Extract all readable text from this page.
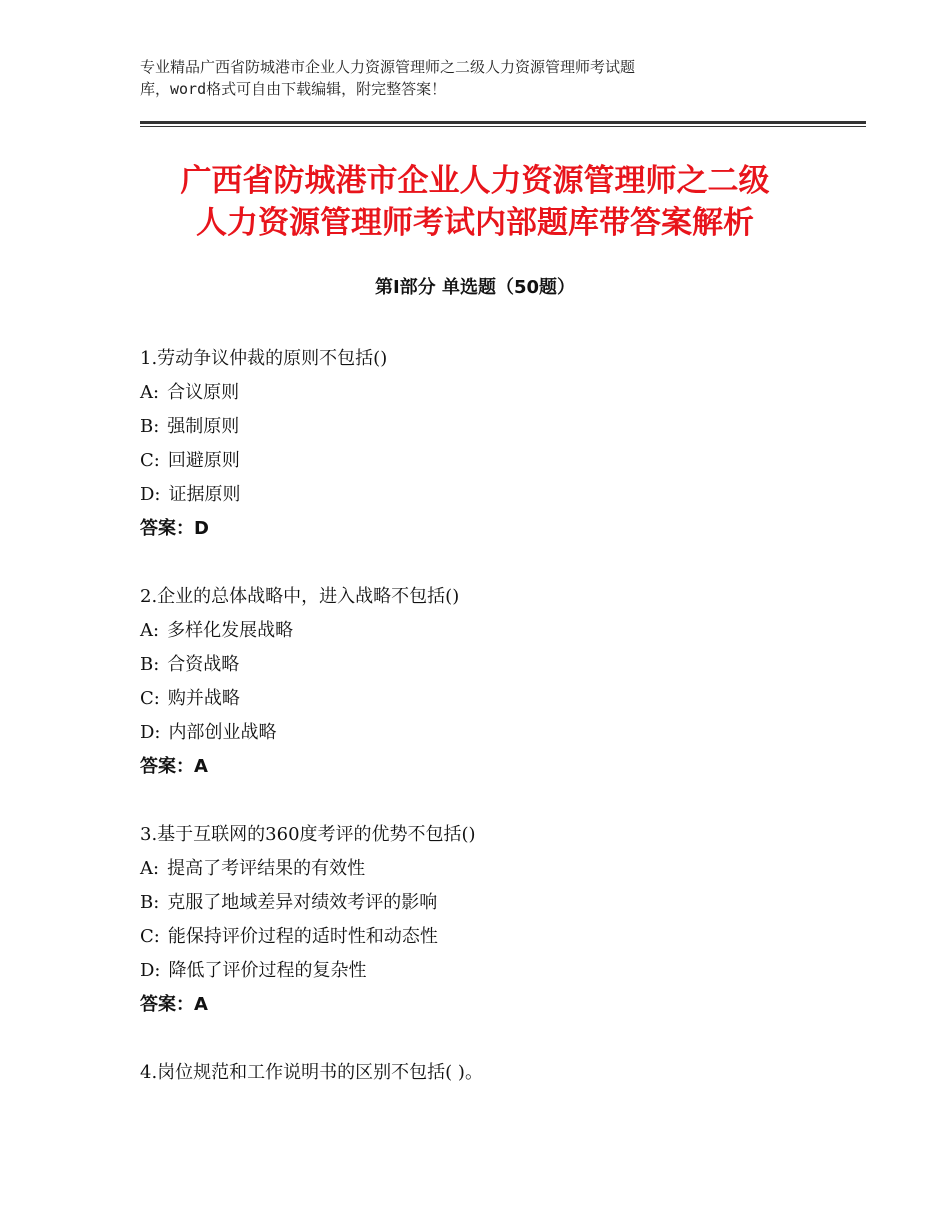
专业精品广西省防城港市企业人力资源管理师之二级人力资源管理师考试题
库，word格式可自由下载编辑，附完整答案！

广西省防城港市企业人力资源管理师之二级
人力资源管理师考试内部题库带答案解析
第Ⅰ部分 单选题（50题）

1.劳动争议仲裁的原则不包括()

A: 合议原则

B: 强制原则

C: 回避原则

D: 证据原则

答案：D

2.企业的总体战略中，进入战略不包括()

A: 多样化发展战略

B: 合资战略

C: 购并战略

D: 内部创业战略

答案：A

3.基于互联网的360度考评的优势不包括()

A: 提高了考评结果的有效性

B: 克服了地域差异对绩效考评的影响

C: 能保持评价过程的适时性和动态性

D: 降低了评价过程的复杂性

答案：A

4.岗位规范和工作说明书的区别不包括( )。
